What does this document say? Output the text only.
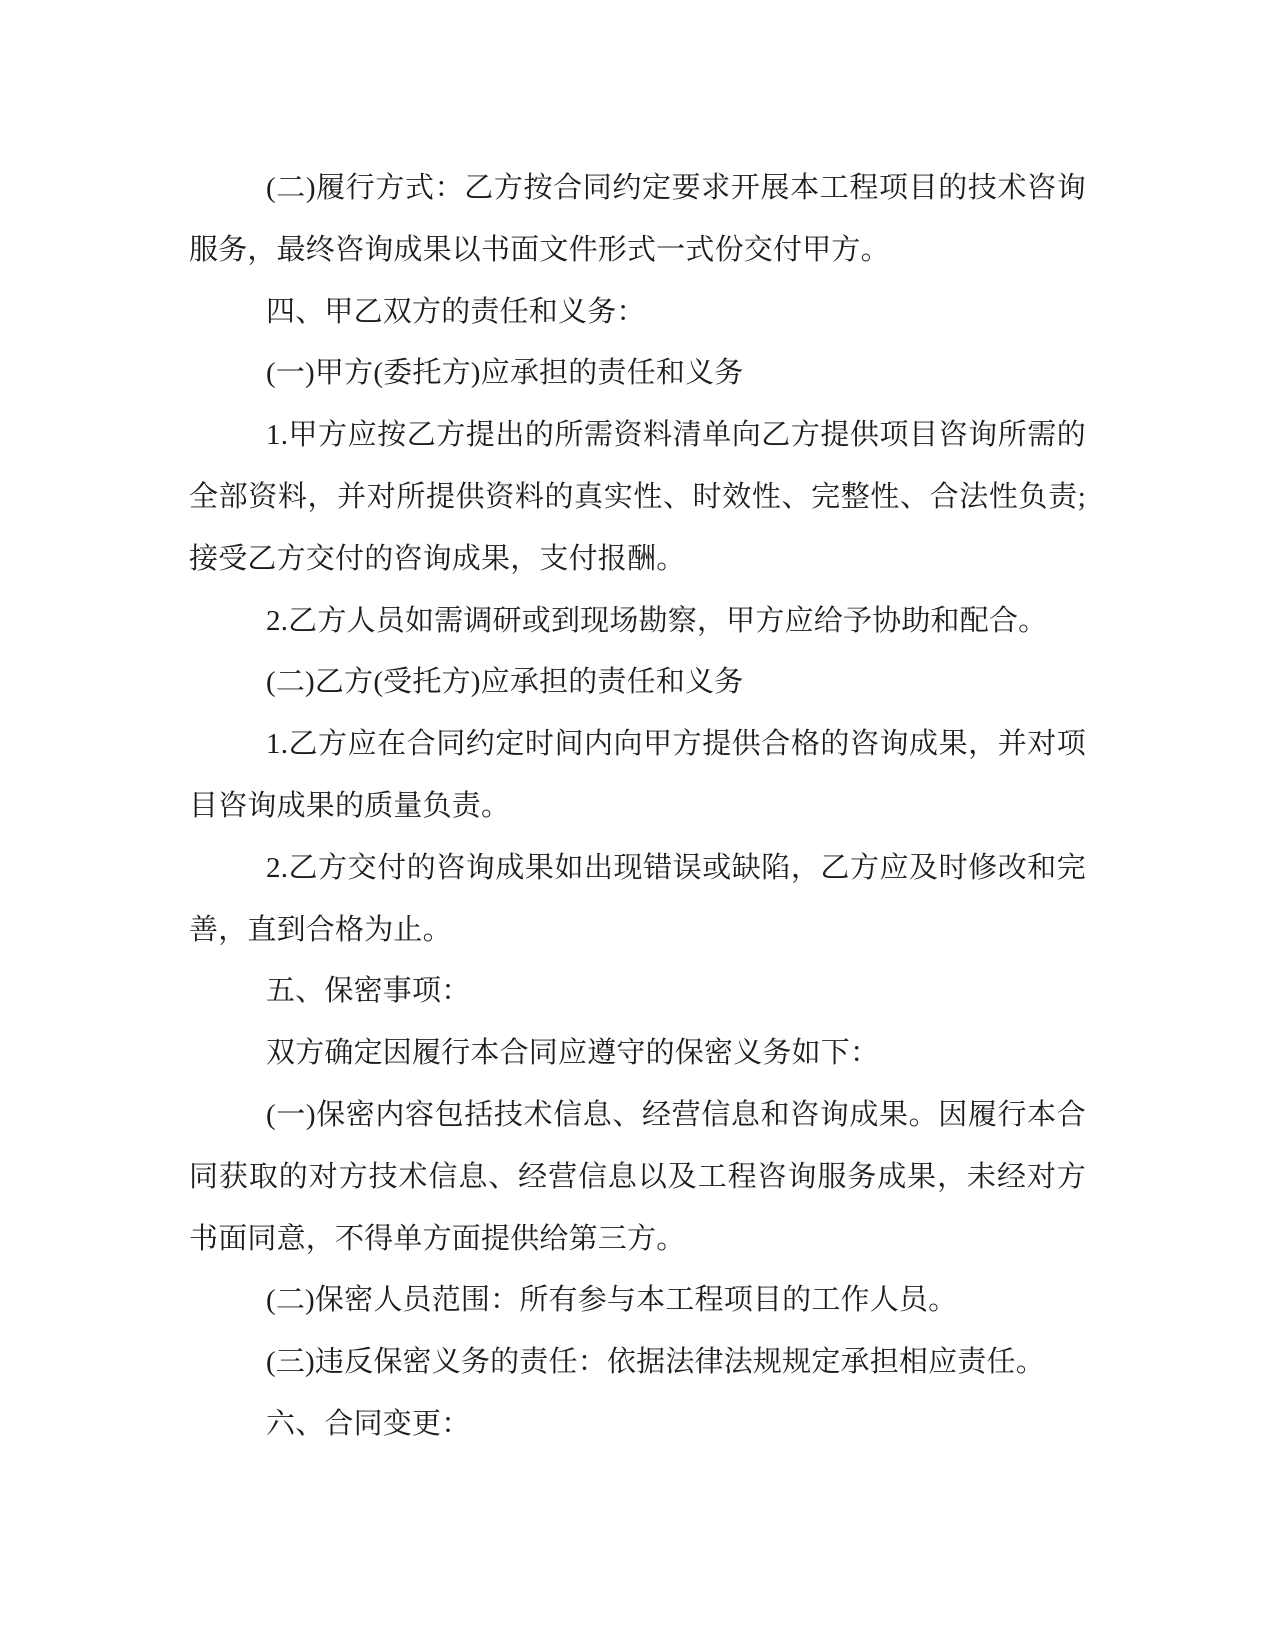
(二)履行方式：乙方按合同约定要求开展本工程项目的技术咨询
服务，最终咨询成果以书面文件形式一式份交付甲方。
四、甲乙双方的责任和义务：
(一)甲方(委托方)应承担的责任和义务
1.甲方应按乙方提出的所需资料清单向乙方提供项目咨询所需的
全部资料，并对所提供资料的真实性、时效性、完整性、合法性负责;
接受乙方交付的咨询成果，支付报酬。
2.乙方人员如需调研或到现场勘察，甲方应给予协助和配合。
(二)乙方(受托方)应承担的责任和义务
1.乙方应在合同约定时间内向甲方提供合格的咨询成果，并对项
目咨询成果的质量负责。
2.乙方交付的咨询成果如出现错误或缺陷，乙方应及时修改和完
善，直到合格为止。
五、保密事项：
双方确定因履行本合同应遵守的保密义务如下：
(一)保密内容包括技术信息、经营信息和咨询成果。因履行本合
同获取的对方技术信息、经营信息以及工程咨询服务成果，未经对方
书面同意，不得单方面提供给第三方。
(二)保密人员范围：所有参与本工程项目的工作人员。
(三)违反保密义务的责任：依据法律法规规定承担相应责任。
六、合同变更：
